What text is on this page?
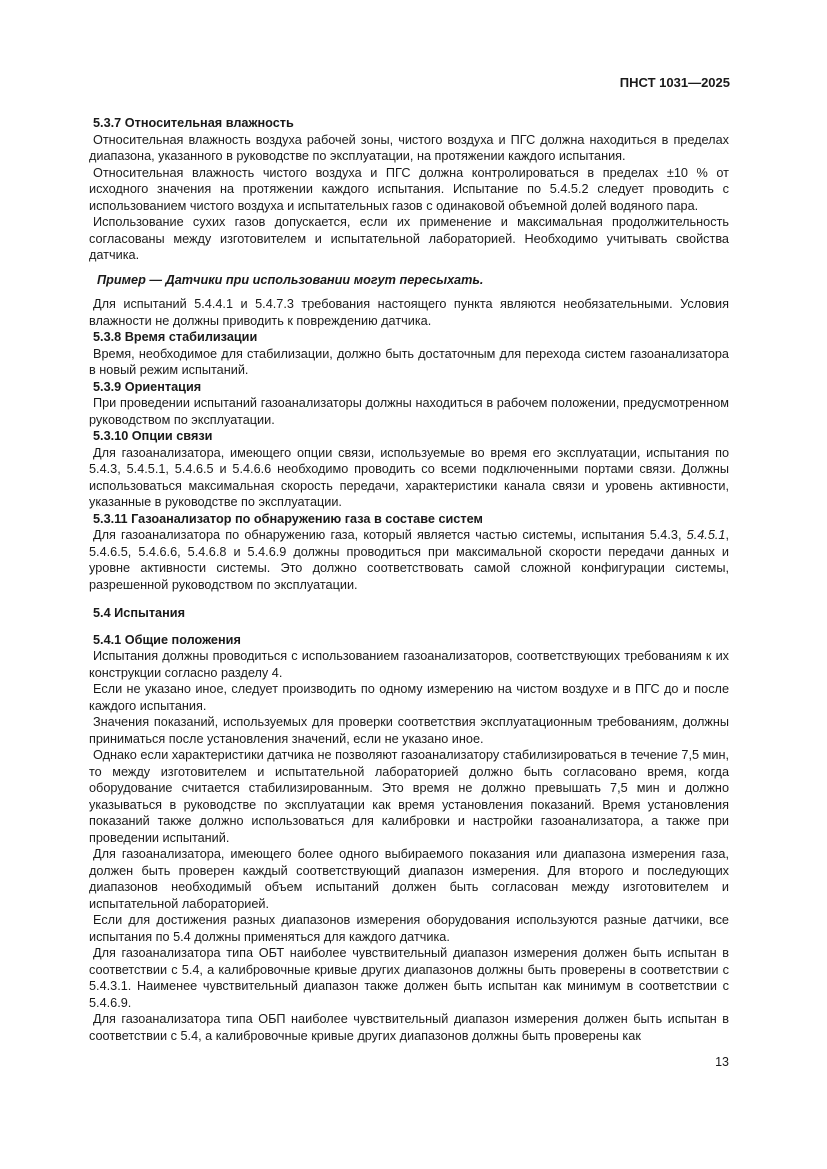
ПНСТ 1031—2025
5.3.7 Относительная влажность

Относительная влажность воздуха рабочей зоны, чистого воздуха и ПГС должна находиться в пределах диапазона, указанного в руководстве по эксплуатации, на протяжении каждого испытания.

Относительная влажность чистого воздуха и ПГС должна контролироваться в пределах ±10 % от исходного значения на протяжении каждого испытания. Испытание по 5.4.5.2 следует проводить с использованием чистого воздуха и испытательных газов с одинаковой объемной долей водяного пара.

Использование сухих газов допускается, если их применение и максимальная продолжительность согласованы между изготовителем и испытательной лабораторией. Необходимо учитывать свойства датчика.

Пример — Датчики при использовании могут пересыхать.

Для испытаний 5.4.4.1 и 5.4.7.3 требования настоящего пункта являются необязательными. Условия влажности не должны приводить к повреждению датчика.

5.3.8 Время стабилизации

Время, необходимое для стабилизации, должно быть достаточным для перехода систем газоанализатора в новый режим испытаний.

5.3.9 Ориентация

При проведении испытаний газоанализаторы должны находиться в рабочем положении, предусмотренном руководством по эксплуатации.

5.3.10 Опции связи

Для газоанализатора, имеющего опции связи, используемые во время его эксплуатации, испытания по 5.4.3, 5.4.5.1, 5.4.6.5 и 5.4.6.6 необходимо проводить со всеми подключенными портами связи. Должны использоваться максимальная скорость передачи, характеристики канала связи и уровень активности, указанные в руководстве по эксплуатации.

5.3.11 Газоанализатор по обнаружению газа в составе систем

Для газоанализатора по обнаружению газа, который является частью системы, испытания 5.4.3, 5.4.5.1, 5.4.6.5, 5.4.6.6, 5.4.6.8 и 5.4.6.9 должны проводиться при максимальной скорости передачи данных и уровне активности системы. Это должно соответствовать самой сложной конфигурации системы, разрешенной руководством по эксплуатации.

5.4 Испытания
5.4.1 Общие положения

Испытания должны проводиться с использованием газоанализаторов, соответствующих требованиям к их конструкции согласно разделу 4.

Если не указано иное, следует производить по одному измерению на чистом воздухе и в ПГС до и после каждого испытания.

Значения показаний, используемых для проверки соответствия эксплуатационным требованиям, должны приниматься после установления значений, если не указано иное.

Однако если характеристики датчика не позволяют газоанализатору стабилизироваться в течение 7,5 мин, то между изготовителем и испытательной лабораторией должно быть согласовано время, когда оборудование считается стабилизированным. Это время не должно превышать 7,5 мин и должно указываться в руководстве по эксплуатации как время установления показаний. Время установления показаний также должно использоваться для калибровки и настройки газоанализатора, а также при проведении испытаний.

Для газоанализатора, имеющего более одного выбираемого показания или диапазона измерения газа, должен быть проверен каждый соответствующий диапазон измерения. Для второго и последующих диапазонов необходимый объем испытаний должен быть согласован между изготовителем и испытательной лабораторией.

Если для достижения разных диапазонов измерения оборудования используются разные датчики, все испытания по 5.4 должны применяться для каждого датчика.

Для газоанализатора типа ОБТ наиболее чувствительный диапазон измерения должен быть испытан в соответствии с 5.4, а калибровочные кривые других диапазонов должны быть проверены в соответствии с 5.4.3.1. Наименее чувствительный диапазон также должен быть испытан как минимум в соответствии с 5.4.6.9.

Для газоанализатора типа ОБП наиболее чувствительный диапазон измерения должен быть испытан в соответствии с 5.4, а калибровочные кривые других диапазонов должны быть проверены как

13
